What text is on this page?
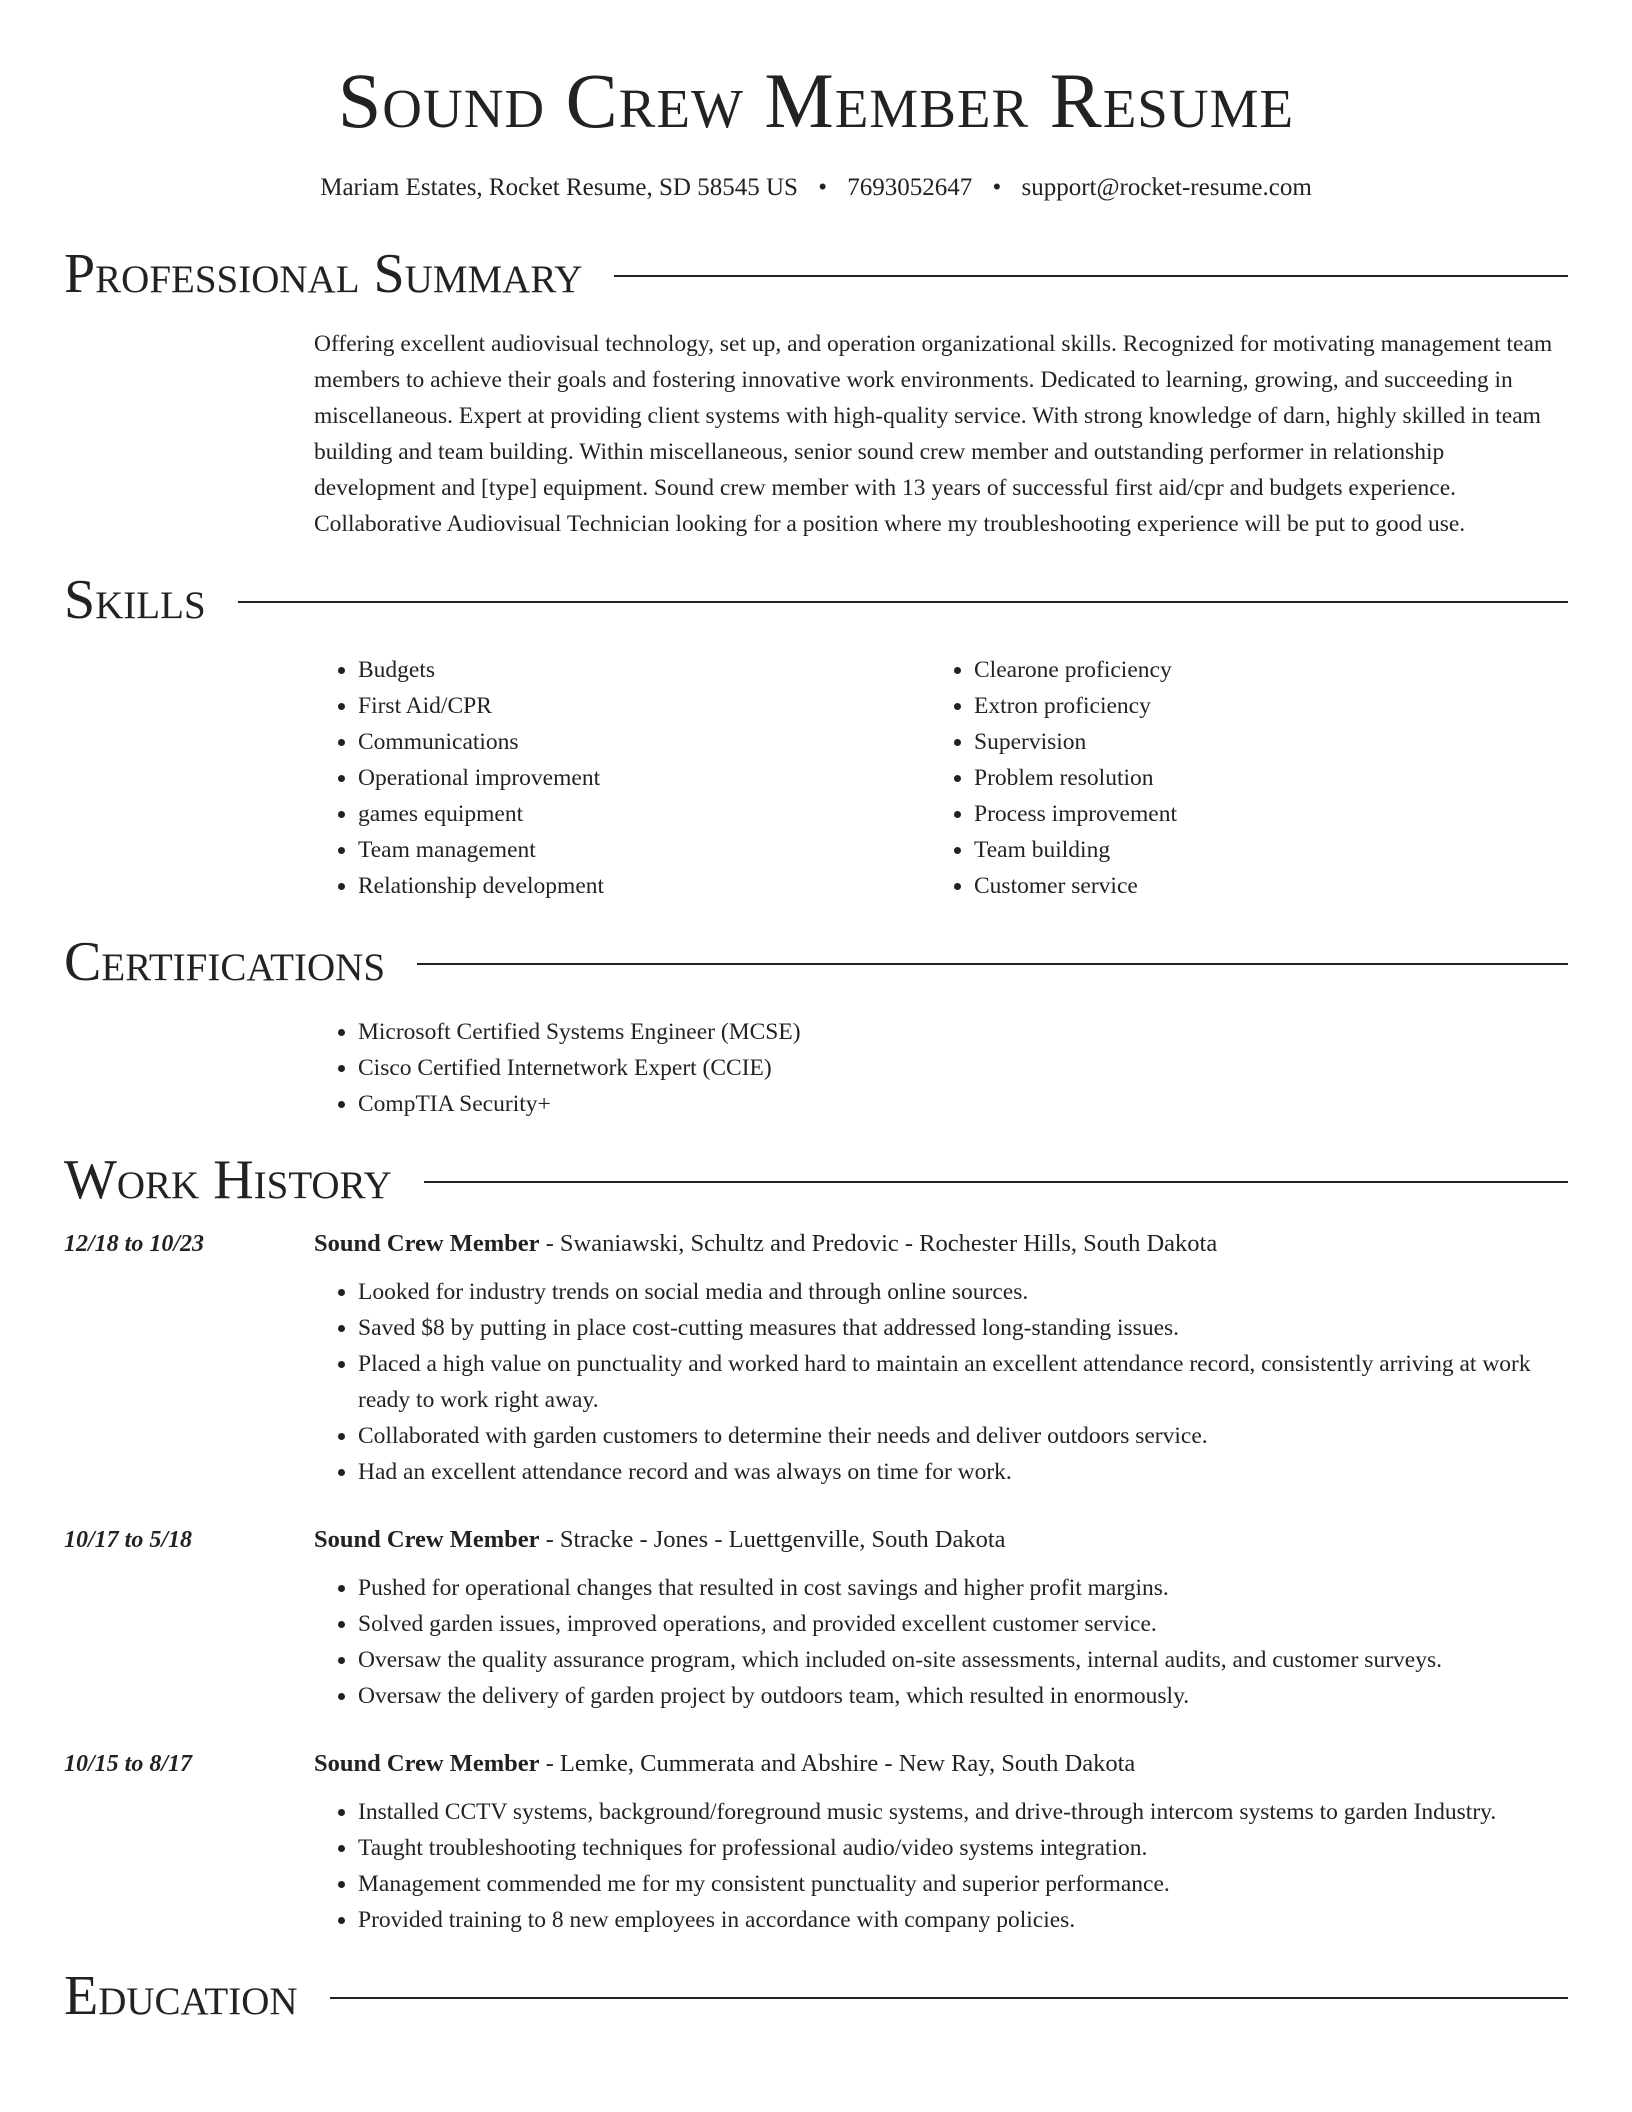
Sound Crew Member Resume
Mariam Estates, Rocket Resume, SD 58545 US • 7693052647 • support@rocket-resume.com
Professional Summary
Offering excellent audiovisual technology, set up, and operation organizational skills. Recognized for motivating management team members to achieve their goals and fostering innovative work environments. Dedicated to learning, growing, and succeeding in miscellaneous. Expert at providing client systems with high-quality service. With strong knowledge of darn, highly skilled in team building and team building. Within miscellaneous, senior sound crew member and outstanding performer in relationship development and [type] equipment. Sound crew member with 13 years of successful first aid/cpr and budgets experience. Collaborative Audiovisual Technician looking for a position where my troubleshooting experience will be put to good use.
Skills
• Budgets
• First Aid/CPR
• Communications
• Operational improvement
• games equipment
• Team management
• Relationship development
• Clearone proficiency
• Extron proficiency
• Supervision
• Problem resolution
• Process improvement
• Team building
• Customer service
Certifications
• Microsoft Certified Systems Engineer (MCSE)
• Cisco Certified Internetwork Expert (CCIE)
• CompTIA Security+
Work History
12/18 to 10/23	Sound Crew Member - Swaniawski, Schultz and Predovic - Rochester Hills, South Dakota
• Looked for industry trends on social media and through online sources.
• Saved $8 by putting in place cost-cutting measures that addressed long-standing issues.
• Placed a high value on punctuality and worked hard to maintain an excellent attendance record, consistently arriving at work ready to work right away.
• Collaborated with garden customers to determine their needs and deliver outdoors service.
• Had an excellent attendance record and was always on time for work.
10/17 to 5/18	Sound Crew Member - Stracke - Jones - Luettgenville, South Dakota
• Pushed for operational changes that resulted in cost savings and higher profit margins.
• Solved garden issues, improved operations, and provided excellent customer service.
• Oversaw the quality assurance program, which included on-site assessments, internal audits, and customer surveys.
• Oversaw the delivery of garden project by outdoors team, which resulted in enormously.
10/15 to 8/17	Sound Crew Member - Lemke, Cummerata and Abshire - New Ray, South Dakota
• Installed CCTV systems, background/foreground music systems, and drive-through intercom systems to garden Industry.
• Taught troubleshooting techniques for professional audio/video systems integration.
• Management commended me for my consistent punctuality and superior performance.
• Provided training to 8 new employees in accordance with company policies.
Education
